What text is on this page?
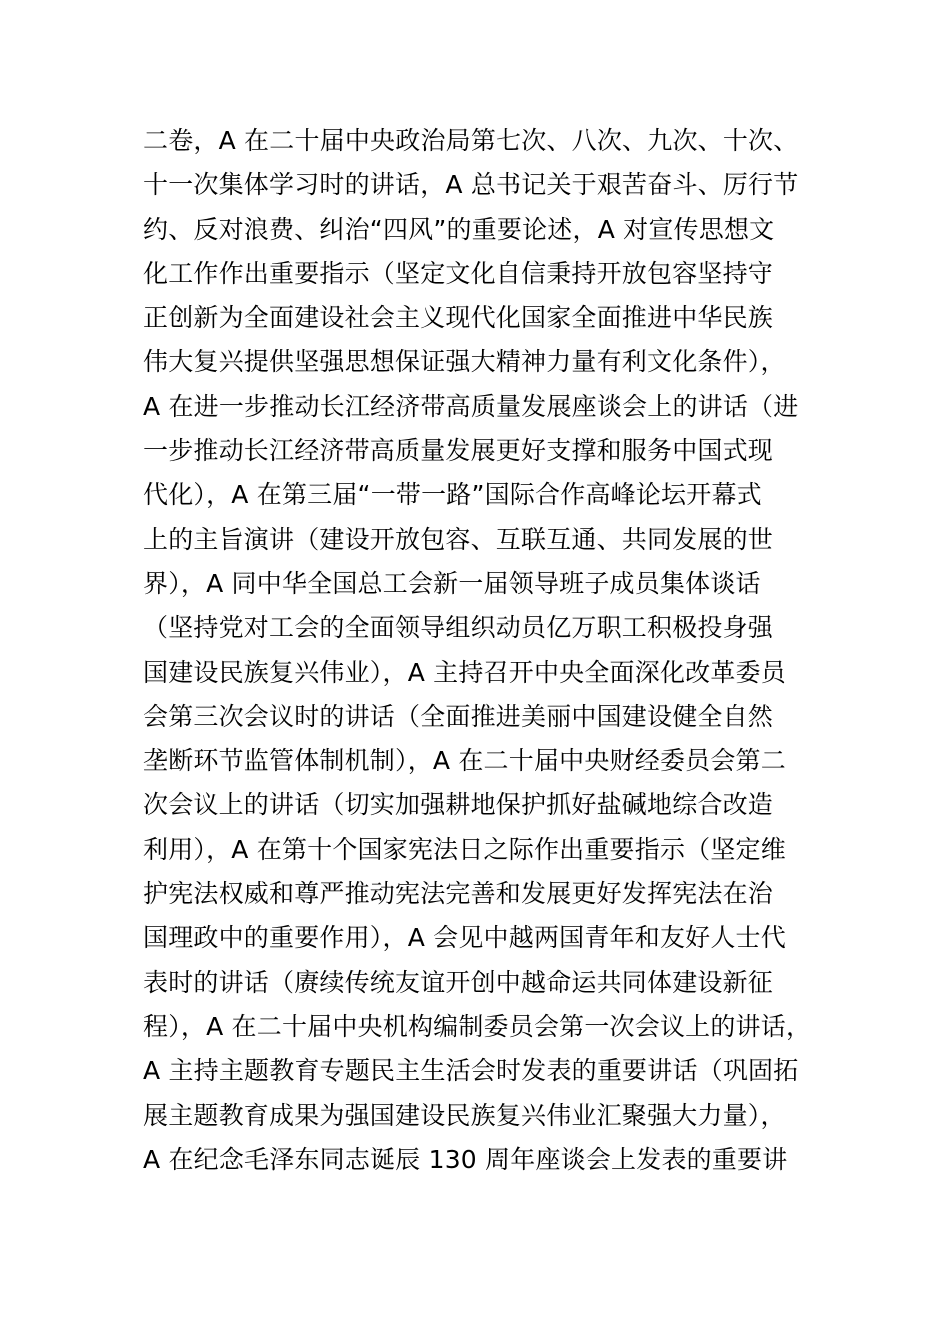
二卷，A 在二十届中央政治局第七次、八次、九次、十次、
十一次集体学习时的讲话，A 总书记关于艰苦奋斗、厉行节
约、反对浪费、纠治“四风”的重要论述，A 对宣传思想文
化工作作出重要指示（坚定文化自信秉持开放包容坚持守
正创新为全面建设社会主义现代化国家全面推进中华民族
伟大复兴提供坚强思想保证强大精神力量有利文化条件），
A 在进一步推动长江经济带高质量发展座谈会上的讲话（进
一步推动长江经济带高质量发展更好支撑和服务中国式现
代化），A 在第三届“一带一路”国际合作高峰论坛开幕式
上的主旨演讲（建设开放包容、互联互通、共同发展的世
界），A 同中华全国总工会新一届领导班子成员集体谈话
（坚持党对工会的全面领导组织动员亿万职工积极投身强
国建设民族复兴伟业），A 主持召开中央全面深化改革委员
会第三次会议时的讲话（全面推进美丽中国建设健全自然
垄断环节监管体制机制），A 在二十届中央财经委员会第二
次会议上的讲话（切实加强耕地保护抓好盐碱地综合改造
利用），A 在第十个国家宪法日之际作出重要指示（坚定维
护宪法权威和尊严推动宪法完善和发展更好发挥宪法在治
国理政中的重要作用），A 会见中越两国青年和友好人士代
表时的讲话（赓续传统友谊开创中越命运共同体建设新征
程），A 在二十届中央机构编制委员会第一次会议上的讲话，
A 主持主题教育专题民主生活会时发表的重要讲话（巩固拓
展主题教育成果为强国建设民族复兴伟业汇聚强大力量），
A 在纪念毛泽东同志诞辰 130 周年座谈会上发表的重要讲
